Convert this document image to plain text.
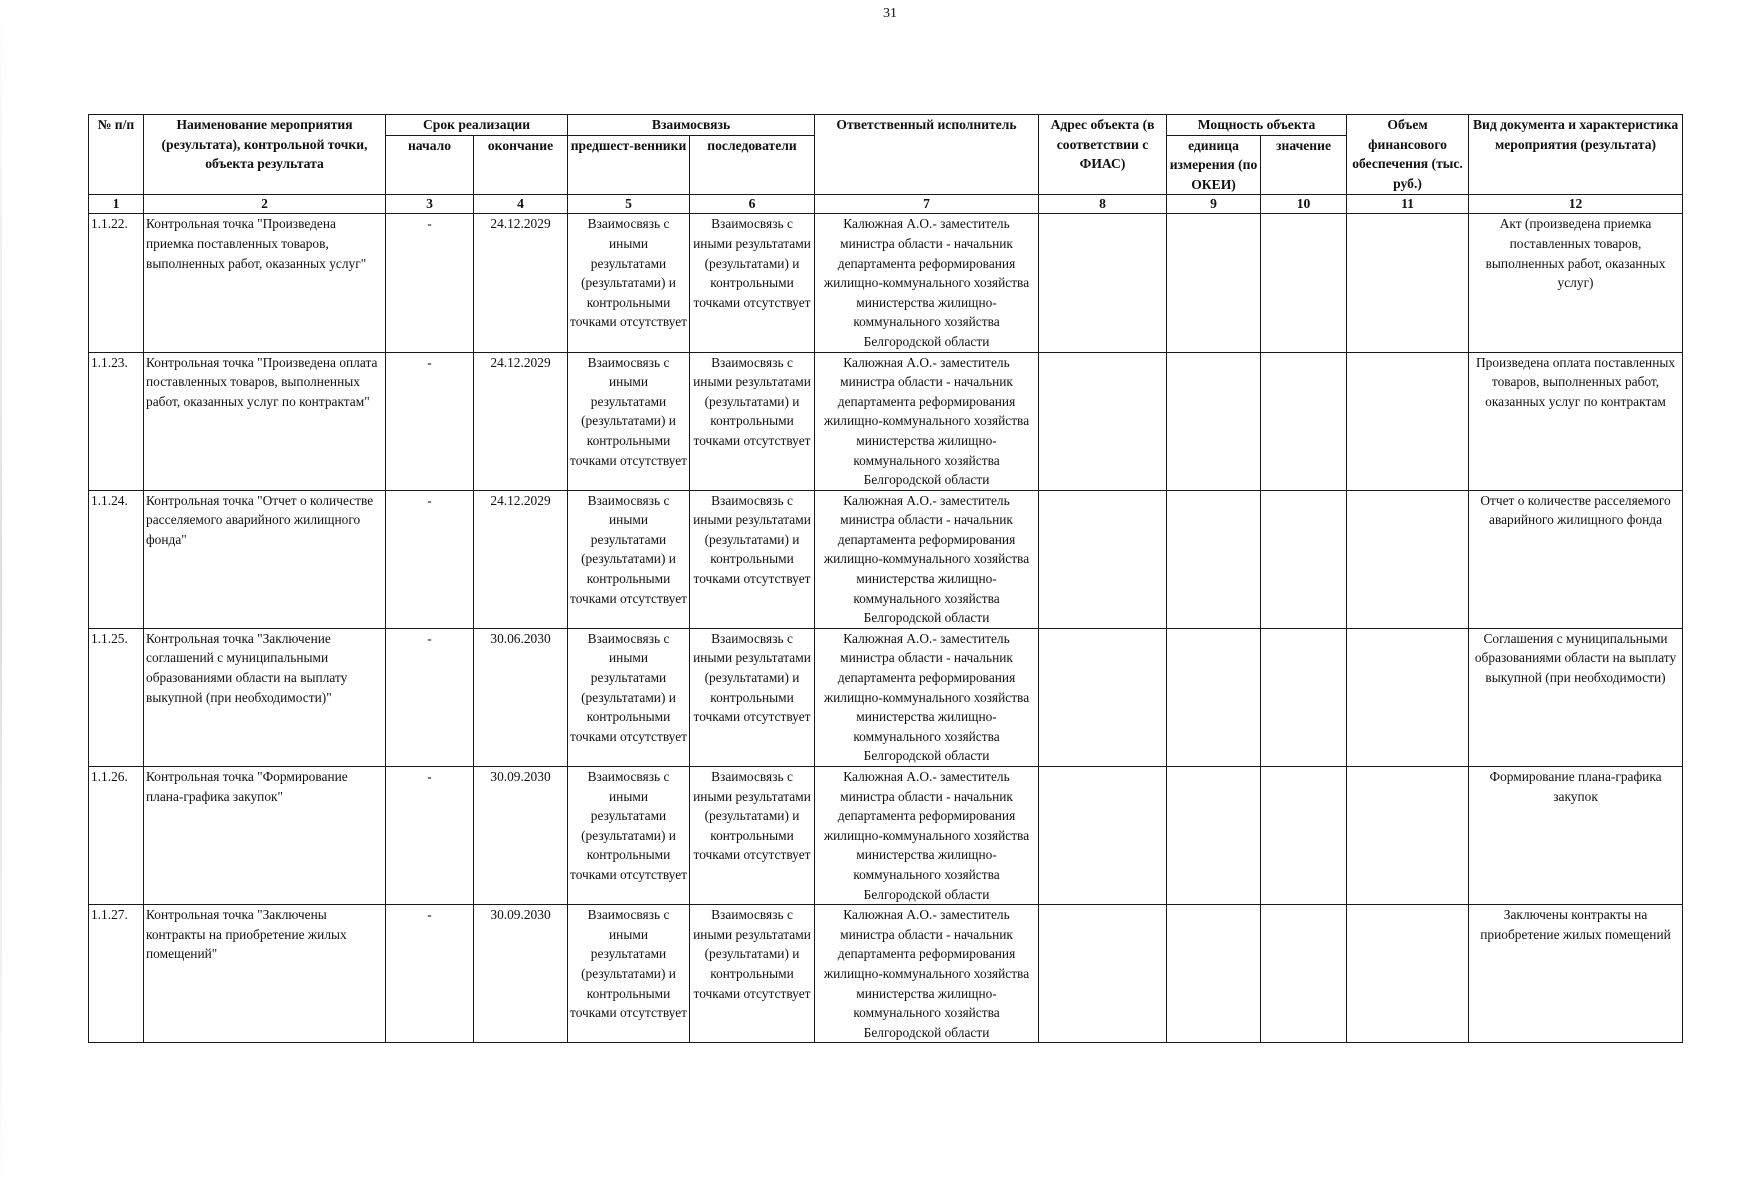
31
№ п/п	Наименование мероприятия (результата), контрольной точки, объекта результата	Срок реализации		Взаимосвязь		Ответственный исполнитель	Адрес объекта (в соответствии с ФИАС)	Мощность объекта		Объем финансового обеспечения (тыс. руб.)	Вид документа и характеристика мероприятия (результата)
		начало	окончание	предшест-венники	последователи			единица измерения (по ОКЕИ)	значение		
1	2	3	4	5	6	7	8	9	10	11	12
1.1.22.	Контрольная точка "Произведена приемка поставленных товаров, выполненных работ, оказанных услуг"	-	24.12.2029	Взаимосвязь с иными результатами (результатами) и контрольными точками отсутствует	Взаимосвязь с иными результатами (результатами) и контрольными точками отсутствует	Калюжная А.О.- заместитель министра области - начальник департамента реформирования жилищно-коммунального хозяйства министерства жилищно-коммунального хозяйства Белгородской области					Акт (произведена приемка поставленных товаров, выполненных работ, оказанных услуг)
1.1.23.	Контрольная точка "Произведена оплата поставленных товаров, выполненных работ, оказанных услуг по контрактам"	-	24.12.2029	Взаимосвязь с иными результатами (результатами) и контрольными точками отсутствует	Взаимосвязь с иными результатами (результатами) и контрольными точками отсутствует	Калюжная А.О.- заместитель министра области - начальник департамента реформирования жилищно-коммунального хозяйства министерства жилищно-коммунального хозяйства Белгородской области					Произведена оплата поставленных товаров, выполненных работ, оказанных услуг по контрактам
1.1.24.	Контрольная точка "Отчет о количестве расселяемого аварийного жилищного фонда"	-	24.12.2029	Взаимосвязь с иными результатами (результатами) и контрольными точками отсутствует	Взаимосвязь с иными результатами (результатами) и контрольными точками отсутствует	Калюжная А.О.- заместитель министра области - начальник департамента реформирования жилищно-коммунального хозяйства министерства жилищно-коммунального хозяйства Белгородской области					Отчет о количестве расселяемого аварийного жилищного фонда
1.1.25.	Контрольная точка "Заключение соглашений с муниципальными образованиями области на выплату выкупной (при необходимости)"	-	30.06.2030	Взаимосвязь с иными результатами (результатами) и контрольными точками отсутствует	Взаимосвязь с иными результатами (результатами) и контрольными точками отсутствует	Калюжная А.О.- заместитель министра области - начальник департамента реформирования жилищно-коммунального хозяйства министерства жилищно-коммунального хозяйства Белгородской области					Соглашения с муниципальными образованиями области на выплату выкупной (при необходимости)
1.1.26.	Контрольная точка "Формирование плана-графика закупок"	-	30.09.2030	Взаимосвязь с иными результатами (результатами) и контрольными точками отсутствует	Взаимосвязь с иными результатами (результатами) и контрольными точками отсутствует	Калюжная А.О.- заместитель министра области - начальник департамента реформирования жилищно-коммунального хозяйства министерства жилищно-коммунального хозяйства Белгородской области					Формирование плана-графика закупок
1.1.27.	Контрольная точка "Заключены контракты на приобретение жилых помещений"	-	30.09.2030	Взаимосвязь с иными результатами (результатами) и контрольными точками отсутствует	Взаимосвязь с иными результатами (результатами) и контрольными точками отсутствует	Калюжная А.О.- заместитель министра области - начальник департамента реформирования жилищно-коммунального хозяйства министерства жилищно-коммунального хозяйства Белгородской области					Заключены контракты на приобретение жилых помещений
